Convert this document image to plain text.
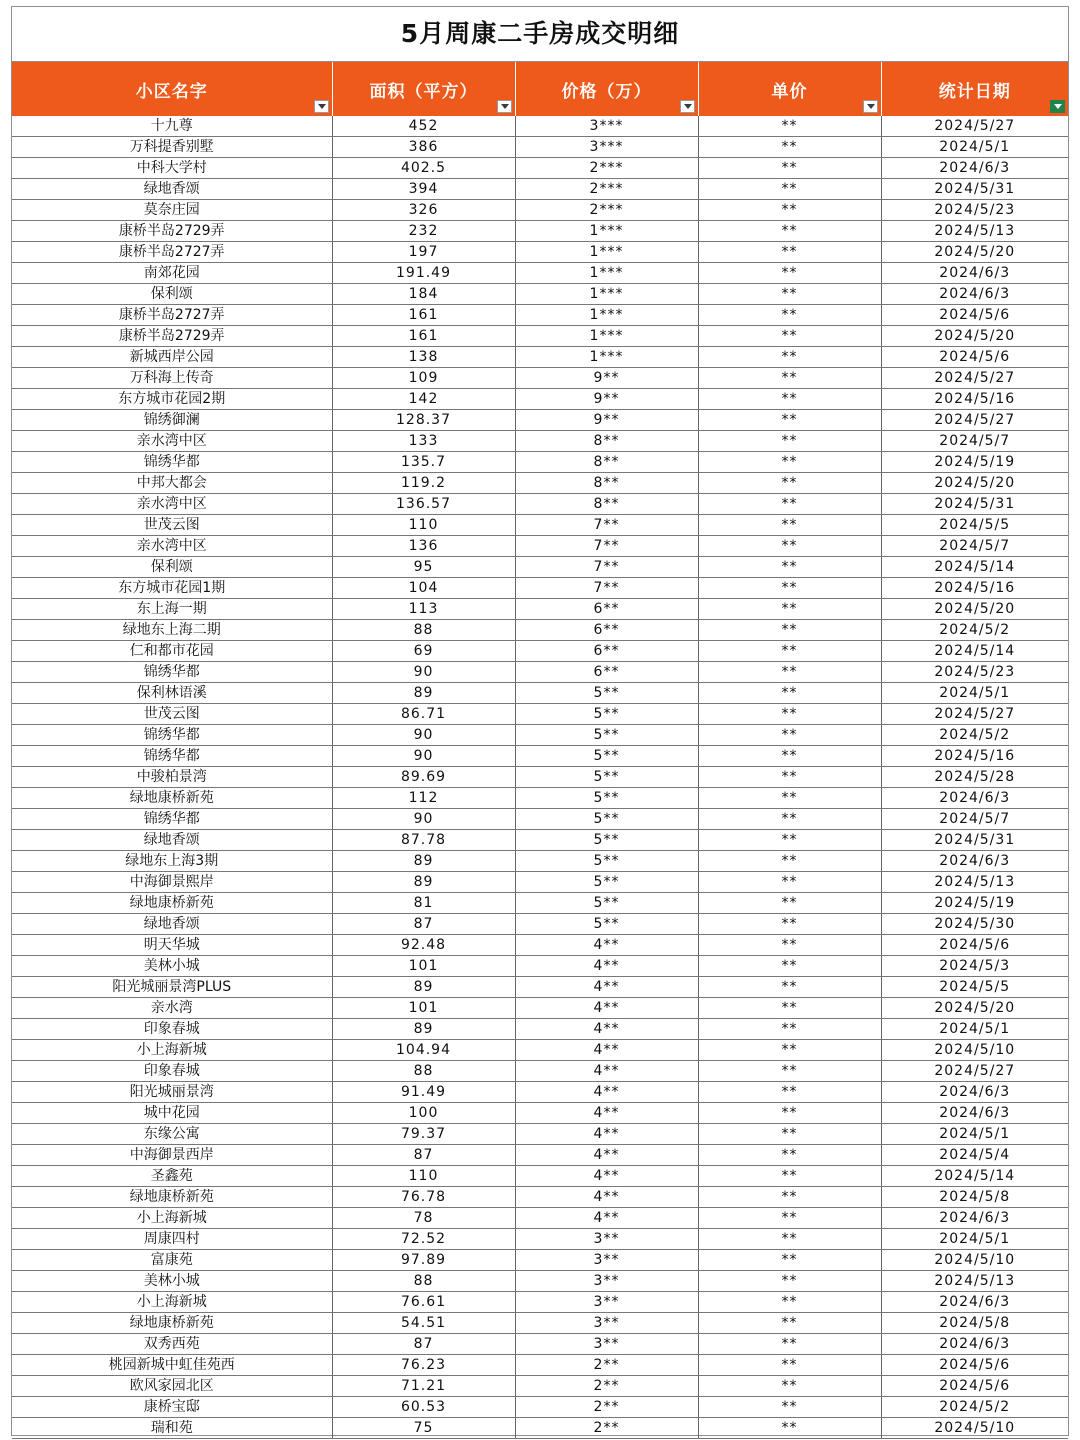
5月周康二手房成交明细
小区名字	面积（平方）	价格（万）	单价	统计日期

十九尊	452	3***	**	2024/5/27
万科提香别墅	386	3***	**	2024/5/1
中科大学村	402.5	2***	**	2024/6/3
绿地香颂	394	2***	**	2024/5/31
莫奈庄园	326	2***	**	2024/5/23
康桥半岛2729弄	232	1***	**	2024/5/13
康桥半岛2727弄	197	1***	**	2024/5/20
南郊花园	191.49	1***	**	2024/6/3
保利颂	184	1***	**	2024/6/3
康桥半岛2727弄	161	1***	**	2024/5/6
康桥半岛2729弄	161	1***	**	2024/5/20
新城西岸公园	138	1***	**	2024/5/6
万科海上传奇	109	9**	**	2024/5/27
东方城市花园2期	142	9**	**	2024/5/16
锦绣御澜	128.37	9**	**	2024/5/27
亲水湾中区	133	8**	**	2024/5/7
锦绣华都	135.7	8**	**	2024/5/19
中邦大都会	119.2	8**	**	2024/5/20
亲水湾中区	136.57	8**	**	2024/5/31
世茂云图	110	7**	**	2024/5/5
亲水湾中区	136	7**	**	2024/5/7
保利颂	95	7**	**	2024/5/14
东方城市花园1期	104	7**	**	2024/5/16
东上海一期	113	6**	**	2024/5/20
绿地东上海二期	88	6**	**	2024/5/2
仁和都市花园	69	6**	**	2024/5/14
锦绣华都	90	6**	**	2024/5/23
保利林语溪	89	5**	**	2024/5/1
世茂云图	86.71	5**	**	2024/5/27
锦绣华都	90	5**	**	2024/5/2
锦绣华都	90	5**	**	2024/5/16
中骏柏景湾	89.69	5**	**	2024/5/28
绿地康桥新苑	112	5**	**	2024/6/3
锦绣华都	90	5**	**	2024/5/7
绿地香颂	87.78	5**	**	2024/5/31
绿地东上海3期	89	5**	**	2024/6/3
中海御景熙岸	89	5**	**	2024/5/13
绿地康桥新苑	81	5**	**	2024/5/19
绿地香颂	87	5**	**	2024/5/30
明天华城	92.48	4**	**	2024/5/6
美林小城	101	4**	**	2024/5/3
阳光城丽景湾PLUS	89	4**	**	2024/5/5
亲水湾	101	4**	**	2024/5/20
印象春城	89	4**	**	2024/5/1
小上海新城	104.94	4**	**	2024/5/10
印象春城	88	4**	**	2024/5/27
阳光城丽景湾	91.49	4**	**	2024/6/3
城中花园	100	4**	**	2024/6/3
东缘公寓	79.37	4**	**	2024/5/1
中海御景西岸	87	4**	**	2024/5/4
圣鑫苑	110	4**	**	2024/5/14
绿地康桥新苑	76.78	4**	**	2024/5/8
小上海新城	78	4**	**	2024/6/3
周康四村	72.52	3**	**	2024/5/1
富康苑	97.89	3**	**	2024/5/10
美林小城	88	3**	**	2024/5/13
小上海新城	76.61	3**	**	2024/6/3
绿地康桥新苑	54.51	3**	**	2024/5/8
双秀西苑	87	3**	**	2024/6/3
桃园新城中虹佳苑西	76.23	2**	**	2024/5/6
欧风家园北区	71.21	2**	**	2024/5/6
康桥宝邸	60.53	2**	**	2024/5/2
瑞和苑	75	2**	**	2024/5/10
